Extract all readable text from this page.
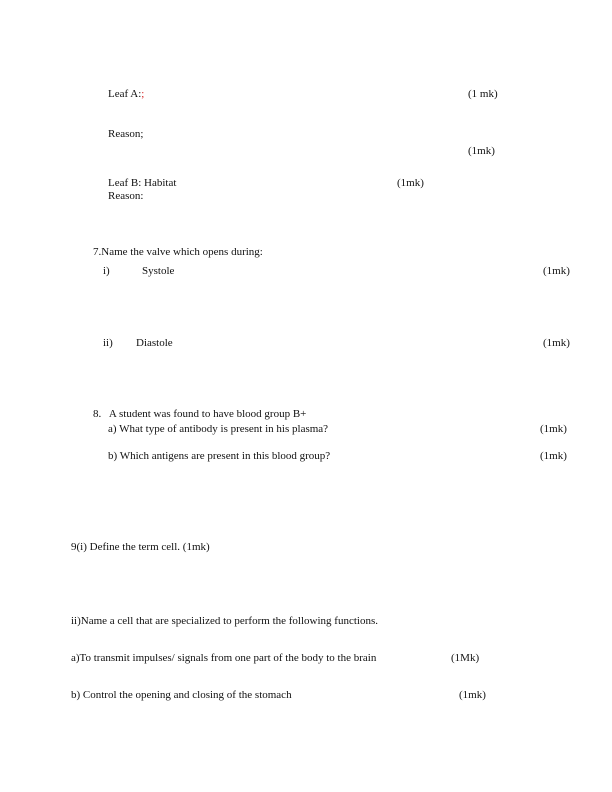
Leaf A:;	(1 mk)
Reason;
(1mk)
Leaf B: Habitat	(1mk)
Reason:
7.Name the valve which opens during:
i)	Systole	(1mk)
ii) Diastole	(1mk)
8.   A student was found to have blood group B+
a) What type of antibody is present in his plasma?	(1mk)
b) Which antigens are present in this blood group?	(1mk)
9(i) Define the term cell. (1mk)
ii)Name a cell that are specialized to perform the following functions.
a)To transmit impulses/ signals from one part of the body to the brain	(1Mk)
b) Control the opening and closing of the stomach	(1mk)
